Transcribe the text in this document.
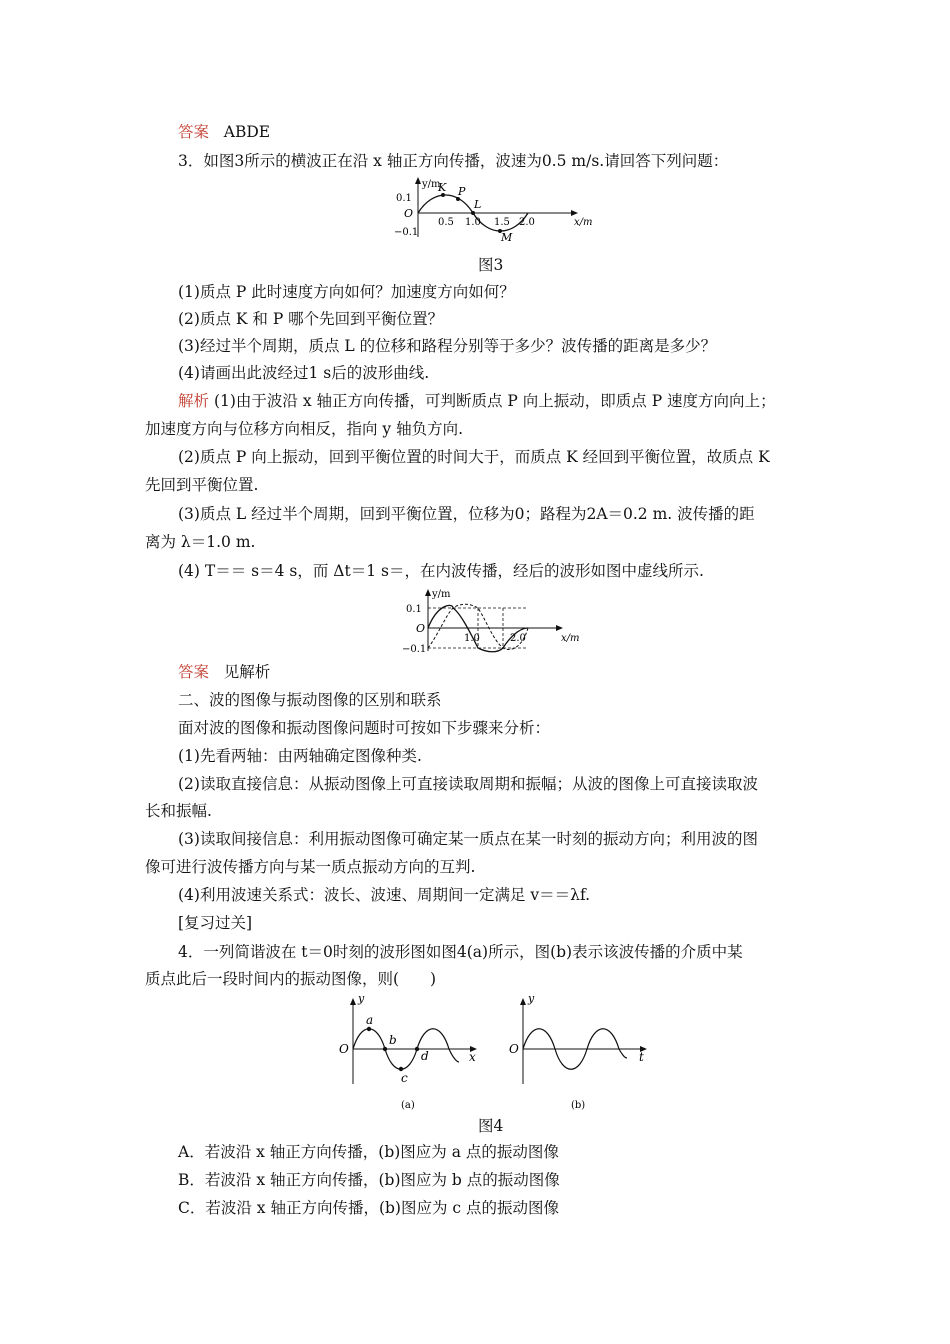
答案 ABDE
3．如图3所示的横波正在沿 x 轴正方向传播，波速为0.5 m/s.请回答下列问题：
y/m
0.1
−0.1
O
0.5 1.0 1.5 2.0	x/m
K P
L
M
图3
(1)质点 P 此时速度方向如何？加速度方向如何？
(2)质点 K 和 P 哪个先回到平衡位置？
(3)经过半个周期，质点 L 的位移和路程分别等于多少？波传播的距离是多少？
(4)请画出此波经过1 s后的波形曲线.
解析 (1)由于波沿 x 轴正方向传播，可判断质点 P 向上振动，即质点 P 速度方向向上；
加速度方向与位移方向相反，指向 y 轴负方向.
(2)质点 P 向上振动，回到平衡位置的时间大于，而质点 K 经回到平衡位置，故质点 K
先回到平衡位置.
(3)质点 L 经过半个周期，回到平衡位置，位移为0；路程为2A＝0.2 m. 波传播的距
离为 λ＝1.0 m.
(4) T＝＝ s＝4 s，而 Δt＝1 s＝，在内波传播，经后的波形如图中虚线所示.
y/m
0.1
−0.1
O
1.0	2.0	x/m
答案 见解析
二、波的图像与振动图像的区别和联系
面对波的图像和振动图像问题时可按如下步骤来分析：
(1)先看两轴：由两轴确定图像种类.
(2)读取直接信息：从振动图像上可直接读取周期和振幅；从波的图像上可直接读取波
长和振幅.
(3)读取间接信息：利用振动图像可确定某一质点在某一时刻的振动方向；利用波的图
像可进行波传播方向与某一质点振动方向的互判.
(4)利用波速关系式：波长、波速、周期间一定满足 v＝＝λf.
[复习过关]
4．一列简谐波在 t＝0时刻的波形图如图4(a)所示，图(b)表示该波传播的介质中某
质点此后一段时间内的振动图像，则(　　)
y
O
x
a
b
c
d
(a)
y
O
t
(b)
图4
A．若波沿 x 轴正方向传播，(b)图应为 a 点的振动图像
B．若波沿 x 轴正方向传播，(b)图应为 b 点的振动图像
C．若波沿 x 轴正方向传播，(b)图应为 c 点的振动图像
